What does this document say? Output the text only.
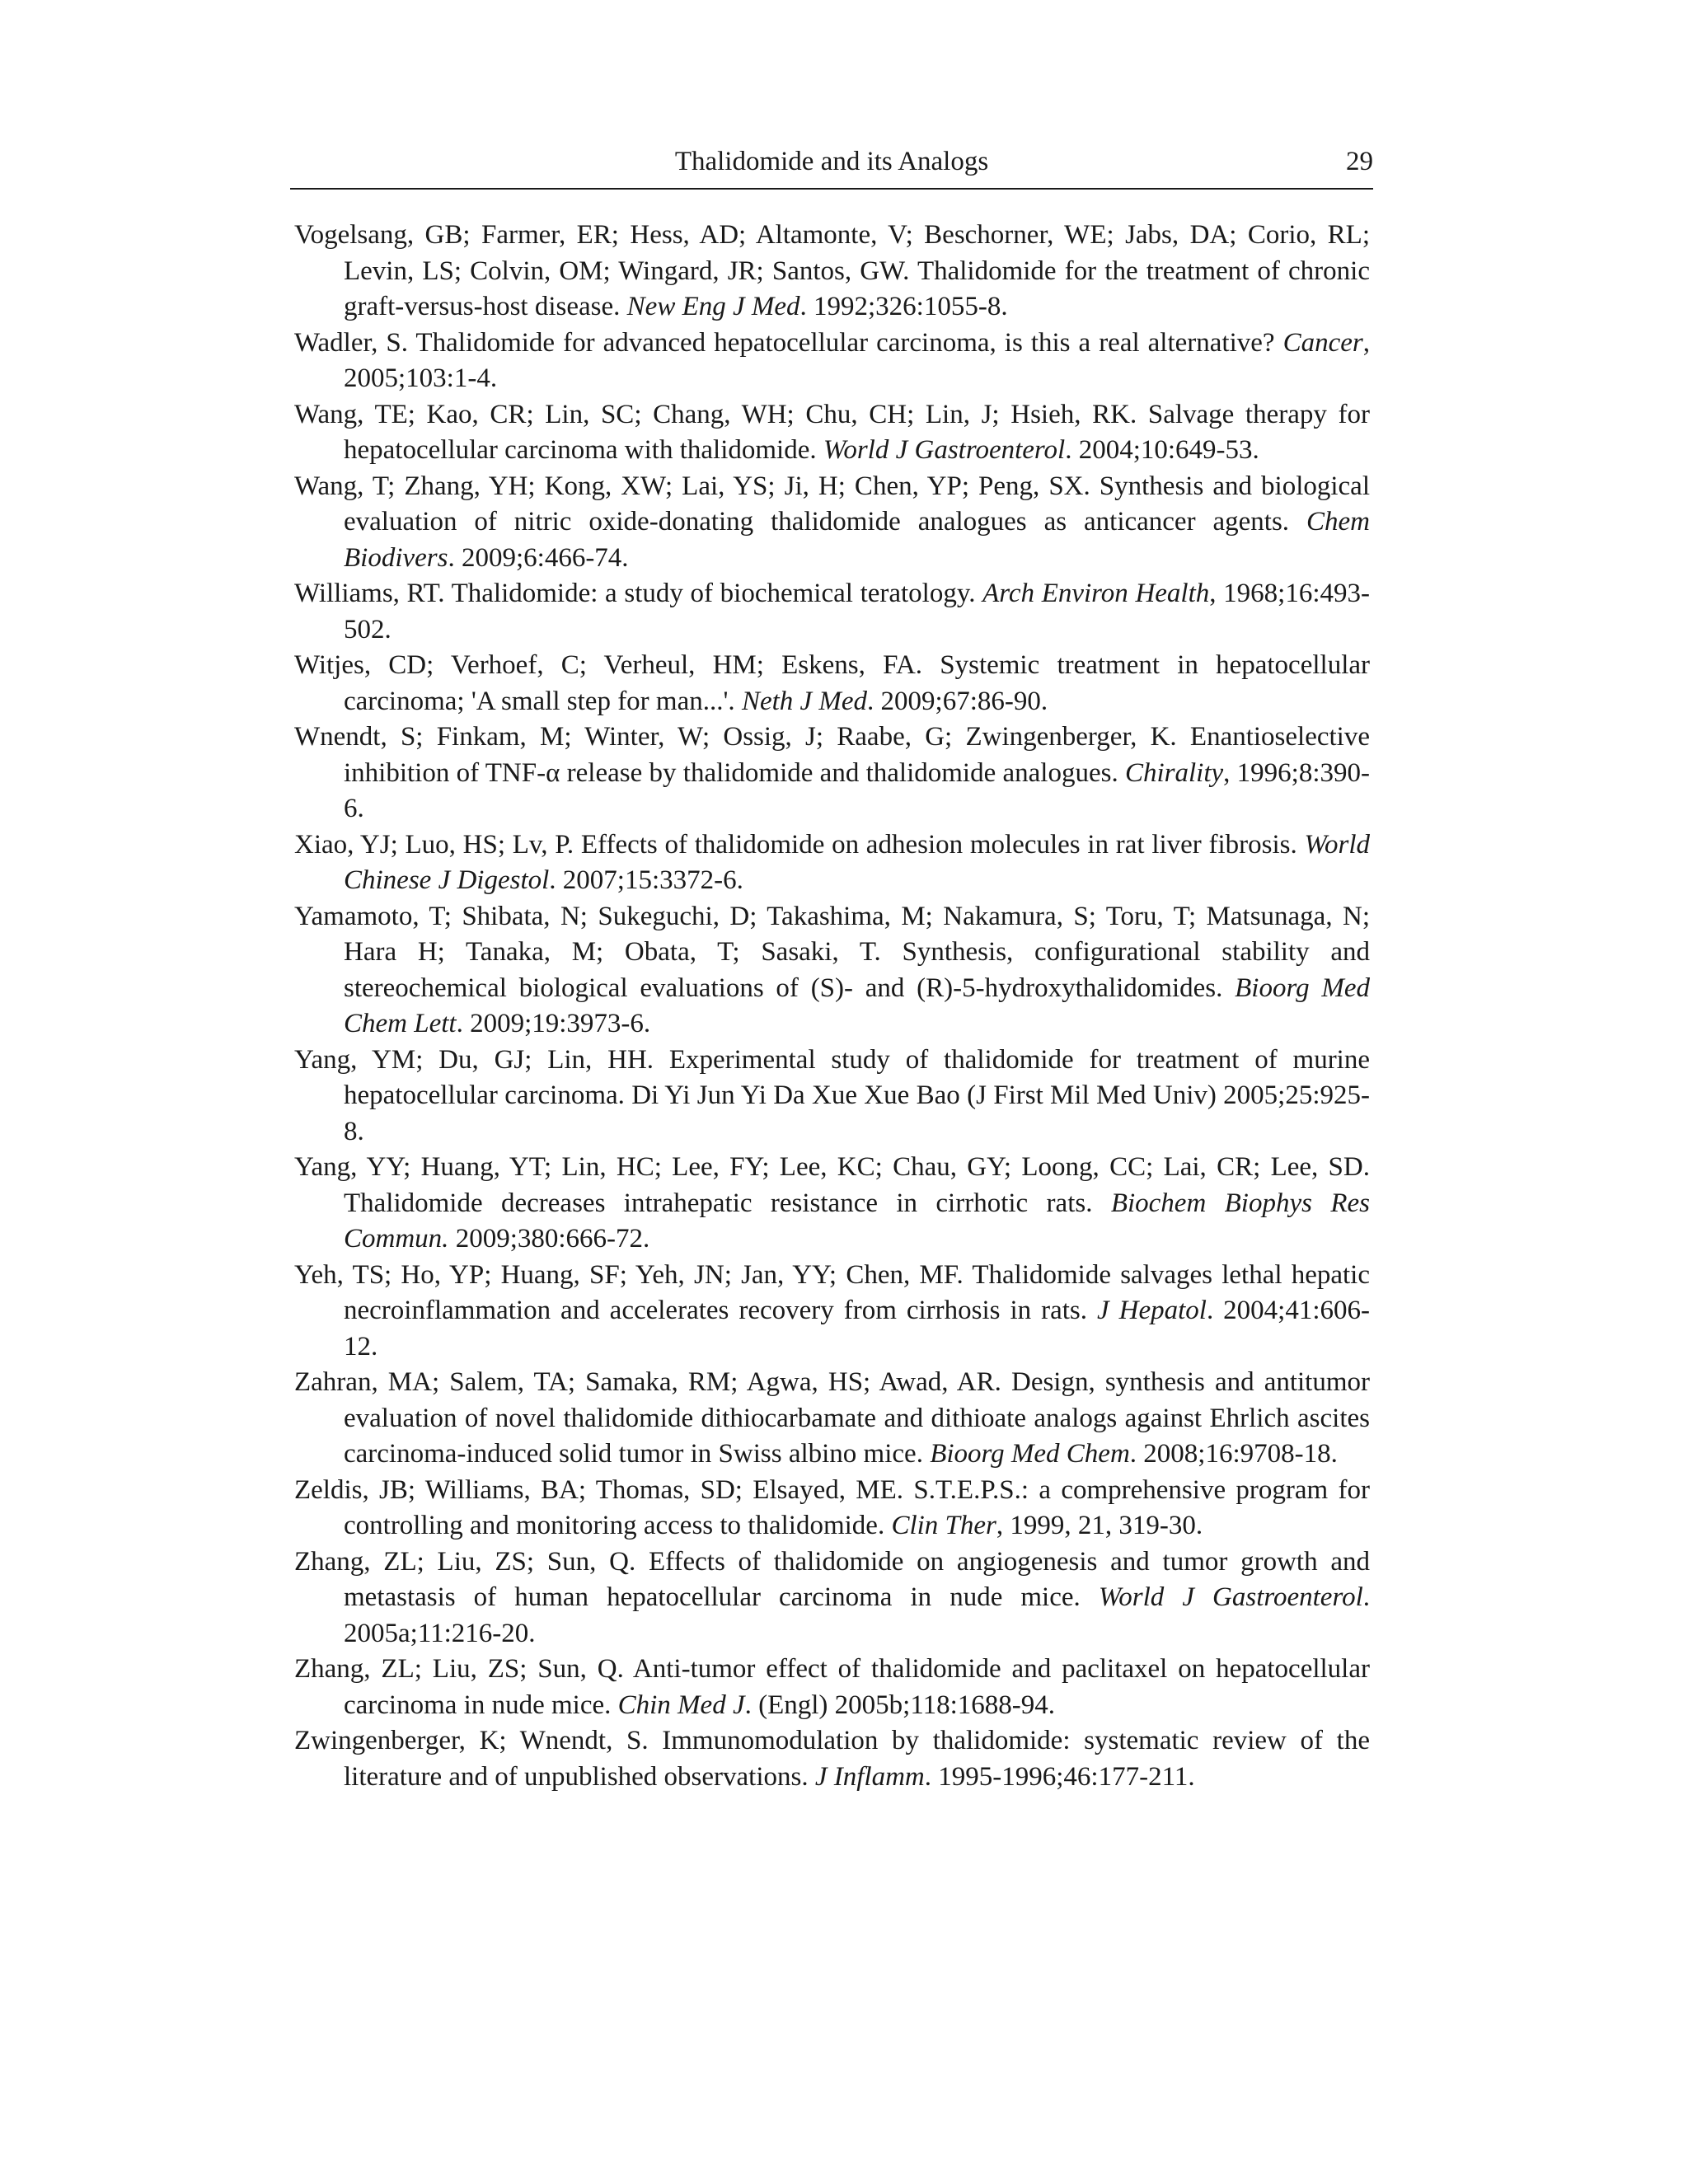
Thalidomide and its Analogs	29
Vogelsang, GB; Farmer, ER; Hess, AD; Altamonte, V; Beschorner, WE; Jabs, DA; Corio, RL; Levin, LS; Colvin, OM; Wingard, JR; Santos, GW. Thalidomide for the treatment of chronic graft-versus-host disease. New Eng J Med. 1992;326:1055-8.
Wadler, S. Thalidomide for advanced hepatocellular carcinoma, is this a real alternative? Cancer, 2005;103:1-4.
Wang, TE; Kao, CR; Lin, SC; Chang, WH; Chu, CH; Lin, J; Hsieh, RK. Salvage therapy for hepatocellular carcinoma with thalidomide. World J Gastroenterol. 2004;10:649-53.
Wang, T; Zhang, YH; Kong, XW; Lai, YS; Ji, H; Chen, YP; Peng, SX. Synthesis and biological evaluation of nitric oxide-donating thalidomide analogues as anticancer agents. Chem Biodivers. 2009;6:466-74.
Williams, RT. Thalidomide: a study of biochemical teratology. Arch Environ Health, 1968;16:493-502.
Witjes, CD; Verhoef, C; Verheul, HM; Eskens, FA. Systemic treatment in hepatocellular carcinoma; 'A small step for man...'. Neth J Med. 2009;67:86-90.
Wnendt, S; Finkam, M; Winter, W; Ossig, J; Raabe, G; Zwingenberger, K. Enantioselective inhibition of TNF-α release by thalidomide and thalidomide analogues. Chirality, 1996;8:390-6.
Xiao, YJ; Luo, HS; Lv, P. Effects of thalidomide on adhesion molecules in rat liver fibrosis. World Chinese J Digestol. 2007;15:3372-6.
Yamamoto, T; Shibata, N; Sukeguchi, D; Takashima, M; Nakamura, S; Toru, T; Matsunaga, N; Hara H; Tanaka, M; Obata, T; Sasaki, T. Synthesis, configurational stability and stereochemical biological evaluations of (S)- and (R)-5-hydroxythalidomides. Bioorg Med Chem Lett. 2009;19:3973-6.
Yang, YM; Du, GJ; Lin, HH. Experimental study of thalidomide for treatment of murine hepatocellular carcinoma. Di Yi Jun Yi Da Xue Xue Bao (J First Mil Med Univ) 2005;25:925-8.
Yang, YY; Huang, YT; Lin, HC; Lee, FY; Lee, KC; Chau, GY; Loong, CC; Lai, CR; Lee, SD. Thalidomide decreases intrahepatic resistance in cirrhotic rats. Biochem Biophys Res Commun. 2009;380:666-72.
Yeh, TS; Ho, YP; Huang, SF; Yeh, JN; Jan, YY; Chen, MF. Thalidomide salvages lethal hepatic necroinflammation and accelerates recovery from cirrhosis in rats. J Hepatol. 2004;41:606-12.
Zahran, MA; Salem, TA; Samaka, RM; Agwa, HS; Awad, AR. Design, synthesis and antitumor evaluation of novel thalidomide dithiocarbamate and dithioate analogs against Ehrlich ascites carcinoma-induced solid tumor in Swiss albino mice. Bioorg Med Chem. 2008;16:9708-18.
Zeldis, JB; Williams, BA; Thomas, SD; Elsayed, ME. S.T.E.P.S.: a comprehensive program for controlling and monitoring access to thalidomide. Clin Ther, 1999, 21, 319-30.
Zhang, ZL; Liu, ZS; Sun, Q. Effects of thalidomide on angiogenesis and tumor growth and metastasis of human hepatocellular carcinoma in nude mice. World J Gastroenterol. 2005a;11:216-20.
Zhang, ZL; Liu, ZS; Sun, Q. Anti-tumor effect of thalidomide and paclitaxel on hepatocellular carcinoma in nude mice. Chin Med J. (Engl) 2005b;118:1688-94.
Zwingenberger, K; Wnendt, S. Immunomodulation by thalidomide: systematic review of the literature and of unpublished observations. J Inflamm. 1995-1996;46:177-211.
